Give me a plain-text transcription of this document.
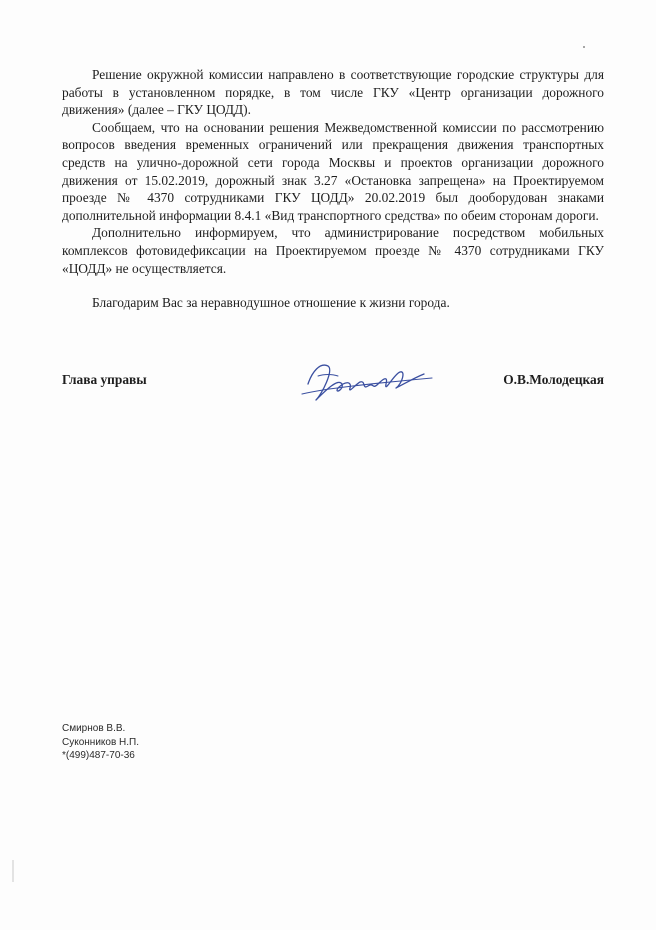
Решение окружной комиссии направлено в соответствующие городские структуры для работы в установленном порядке, в том числе ГКУ «Центр организации дорожного движения» (далее – ГКУ ЦОДД).

Сообщаем, что на основании решения Межведомственной комиссии по рассмотрению вопросов введения временных ограничений или прекращения движения транспортных средств на улично-дорожной сети города Москвы и проектов организации дорожного движения от 15.02.2019, дорожный знак 3.27 «Остановка запрещена» на Проектируемом проезде № 4370 сотрудниками ГКУ ЦОДД» 20.02.2019 был дооборудован знаками дополнительной информации 8.4.1 «Вид транспортного средства» по обеим сторонам дороги.

Дополнительно информируем, что администрирование посредством мобильных комплексов фотовидефиксации на Проектируемом проезде № 4370 сотрудниками ГКУ «ЦОДД» не осуществляется.

Благодарим Вас за неравнодушное отношение к жизни города.

Глава управы	О.В.Молодецкая
Смирнов В.В.
Суконников Н.П.
*(499)487-70-36
